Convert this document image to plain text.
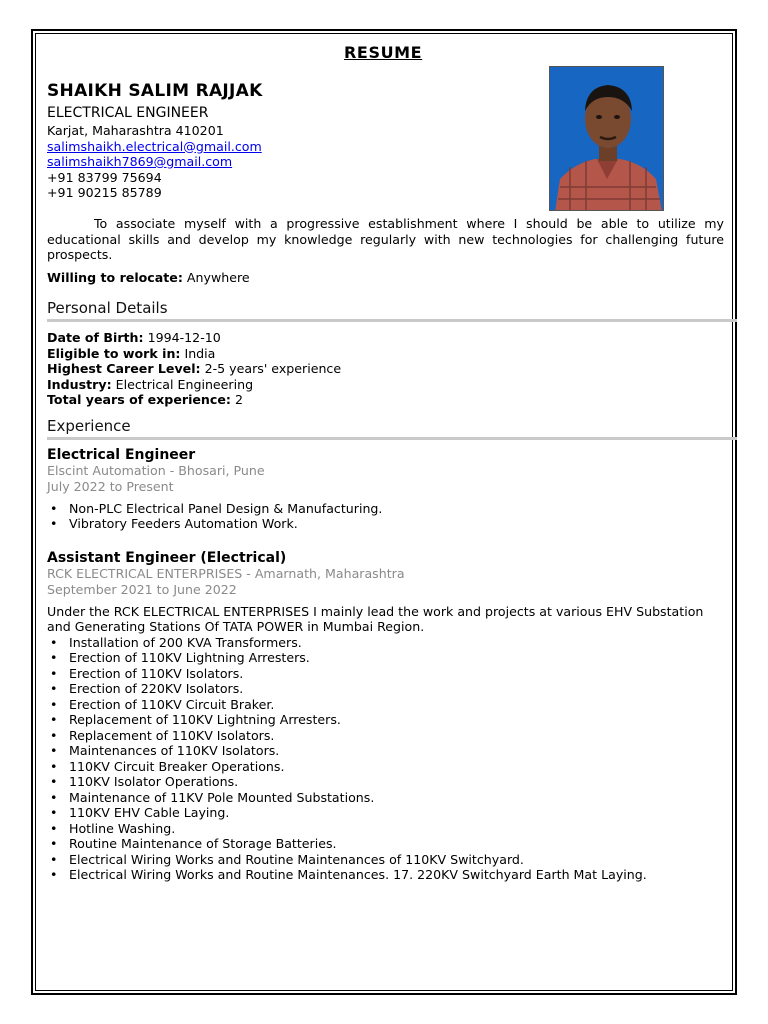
RESUME
SHAIKH SALIM RAJJAK
ELECTRICAL ENGINEER
Karjat, Maharashtra 410201
salimshaikh.electrical@gmail.com
salimshaikh7869@gmail.com
+91 83799 75694
+91 90215 85789
To associate myself with a progressive establishment where I should be able to utilize my educational skills and develop my knowledge regularly with new technologies for challenging future prospects.
Willing to relocate: Anywhere
Personal Details
Date of Birth: 1994-12-10
Eligible to work in: India
Highest Career Level: 2-5 years' experience
Industry: Electrical Engineering
Total years of experience: 2
Experience
Electrical Engineer
Elscint Automation - Bhosari, Pune
July 2022 to Present
• Non-PLC Electrical Panel Design & Manufacturing.
• Vibratory Feeders Automation Work.
Assistant Engineer (Electrical)
RCK ELECTRICAL ENTERPRISES - Amarnath, Maharashtra
September 2021 to June 2022
Under the RCK ELECTRICAL ENTERPRISES I mainly lead the work and projects at various EHV Substation and Generating Stations Of TATA POWER in Mumbai Region.
• Installation of 200 KVA Transformers.
• Erection of 110KV Lightning Arresters.
• Erection of 110KV Isolators.
• Erection of 220KV Isolators.
• Erection of 110KV Circuit Braker.
• Replacement of 110KV Lightning Arresters.
• Replacement of 110KV Isolators.
• Maintenances of 110KV Isolators.
• 110KV Circuit Breaker Operations.
• 110KV Isolator Operations.
• Maintenance of 11KV Pole Mounted Substations.
• 110KV EHV Cable Laying.
• Hotline Washing.
• Routine Maintenance of Storage Batteries.
• Electrical Wiring Works and Routine Maintenances of 110KV Switchyard.
• Electrical Wiring Works and Routine Maintenances. 17. 220KV Switchyard Earth Mat Laying.
